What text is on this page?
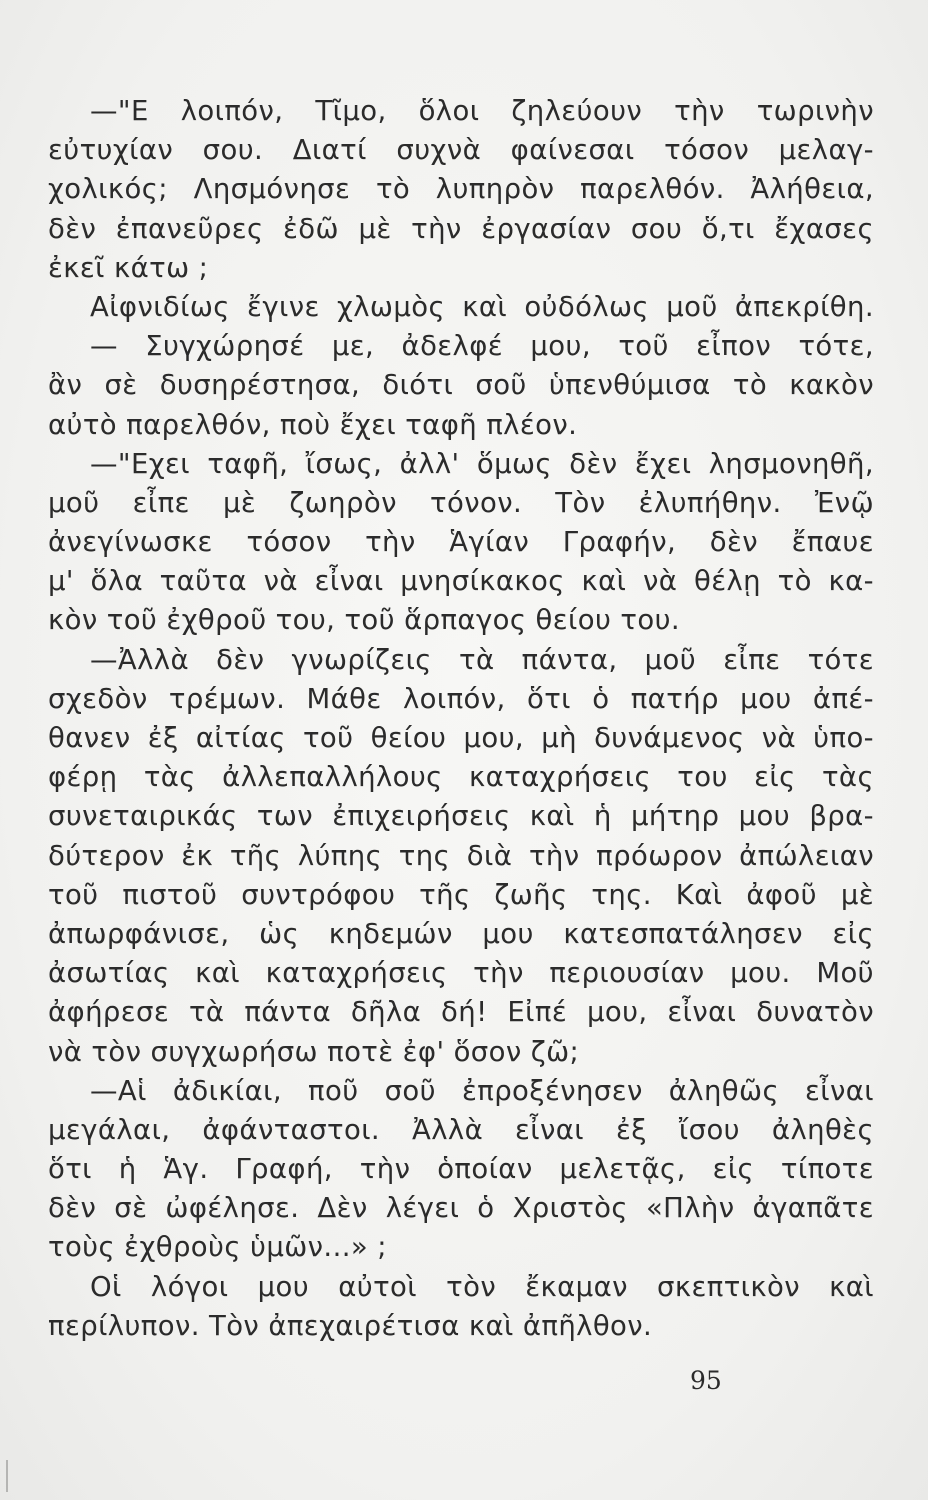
—"Ε λοιπόν, Τῖμο, ὅλοι ζηλεύουν τὴν τωρινὴν
εὐτυχίαν σου. Διατί συχνὰ φαίνεσαι τόσον μελαγ-
χολικός; Λησμόνησε τὸ λυπηρὸν παρελθόν. Ἀλήθεια,
δὲν ἐπανεῦρες ἐδῶ μὲ τὴν ἐργασίαν σου ὅ,τι ἔχασες
ἐκεῖ κάτω ;
Αἰφνιδίως ἔγινε χλωμὸς καὶ οὐδόλως μοῦ ἀπεκρίθη.
— Συγχώρησέ με, ἀδελφέ μου, τοῦ εἶπον τότε,
ἂν σὲ δυσηρέστησα, διότι σοῦ ὑπενθύμισα τὸ κακὸν
αὐτὸ παρελθόν, ποὺ ἔχει ταφῆ πλέον.
—"Εχει ταφῆ, ἴσως, ἀλλ' ὅμως δὲν ἔχει λησμονηθῆ,
μοῦ εἶπε μὲ ζωηρὸν τόνον. Τὸν ἐλυπήθην. Ἐνῷ
ἀνεγίνωσκε τόσον τὴν Ἁγίαν Γραφήν, δὲν ἔπαυε
μ' ὅλα ταῦτα νὰ εἶναι μνησίκακος καὶ νὰ θέλῃ τὸ κα-
κὸν τοῦ ἐχθροῦ του, τοῦ ἅρπαγος θείου του.
—Ἀλλὰ δὲν γνωρίζεις τὰ πάντα, μοῦ εἶπε τότε
σχεδὸν τρέμων. Μάθε λοιπόν, ὅτι ὁ πατήρ μου ἀπέ-
θανεν ἐξ αἰτίας τοῦ θείου μου, μὴ δυνάμενος νὰ ὑπο-
φέρῃ τὰς ἀλλεπαλλήλους καταχρήσεις του εἰς τὰς
συνεταιρικάς των ἐπιχειρήσεις καὶ ἡ μήτηρ μου βρα-
δύτερον ἐκ τῆς λύπης της διὰ τὴν πρόωρον ἀπώλειαν
τοῦ πιστοῦ συντρόφου τῆς ζωῆς της. Καὶ ἀφοῦ μὲ
ἀπωρφάνισε, ὡς κηδεμών μου κατεσπατάλησεν εἰς
ἀσωτίας καὶ καταχρήσεις τὴν περιουσίαν μου. Μοῦ
ἀφήρεσε τὰ πάντα δῆλα δή! Εἰπέ μου, εἶναι δυνατὸν
νὰ τὸν συγχωρήσω ποτὲ ἐφ' ὅσον ζῶ;
—Αἱ ἀδικίαι, ποῦ σοῦ ἐπροξένησεν ἀληθῶς εἶναι
μεγάλαι, ἀφάνταστοι. Ἀλλὰ εἶναι ἐξ ἴσου ἀληθὲς
ὅτι ἡ Ἁγ. Γραφή, τὴν ὁποίαν μελετᾷς, εἰς τίποτε
δὲν σὲ ὠφέλησε. Δὲν λέγει ὁ Χριστὸς «Πλὴν ἀγαπᾶτε
τοὺς ἐχθροὺς ὑμῶν...» ;
Οἱ λόγοι μου αὐτοὶ τὸν ἔκαμαν σκεπτικὸν καὶ
περίλυπον. Τὸν ἀπεχαιρέτισα καὶ ἀπῆλθον.
95
